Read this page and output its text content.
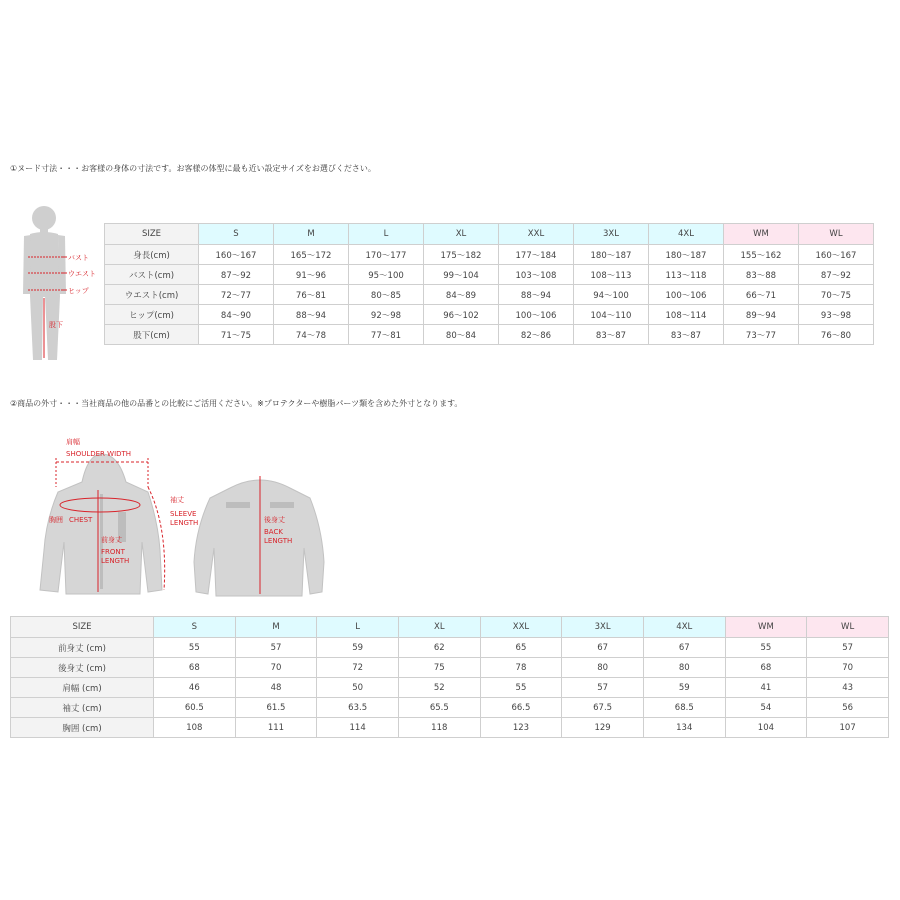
①ヌード寸法・・・お客様の身体の寸法です。お客様の体型に最も近い設定サイズをお選びください。
バスト
ウエスト
ヒップ
股下
SIZE	S	M	L	XL	XXL	3XL	4XL	WM	WL
身長(cm)	160〜167	165〜172	170〜177	175〜182	177〜184	180〜187	180〜187	155〜162	160〜167
バスト(cm)	87〜92	91〜96	95〜100	99〜104	103〜108	108〜113	113〜118	83〜88	87〜92
ウエスト(cm)	72〜77	76〜81	80〜85	84〜89	88〜94	94〜100	100〜106	66〜71	70〜75
ヒップ(cm)	84〜90	88〜94	92〜98	96〜102	100〜106	104〜110	108〜114	89〜94	93〜98
股下(cm)	71〜75	74〜78	77〜81	80〜84	82〜86	83〜87	83〜87	73〜77	76〜80
②商品の外寸・・・当社商品の他の品番との比較にご活用ください。※プロテクターや樹脂パーツ類を含めた外寸となります。
肩幅
SHOULDER WIDTH
袖丈
SLEEVE
LENGTH
胸囲 CHEST
前身丈
FRONT
LENGTH
後身丈
BACK
LENGTH
SIZE	S	M	L	XL	XXL	3XL	4XL	WM	WL
前身丈 (cm)	55	57	59	62	65	67	67	55	57
後身丈 (cm)	68	70	72	75	78	80	80	68	70
肩幅 (cm)	46	48	50	52	55	57	59	41	43
袖丈 (cm)	60.5	61.5	63.5	65.5	66.5	67.5	68.5	54	56
胸囲 (cm)	108	111	114	118	123	129	134	104	107
